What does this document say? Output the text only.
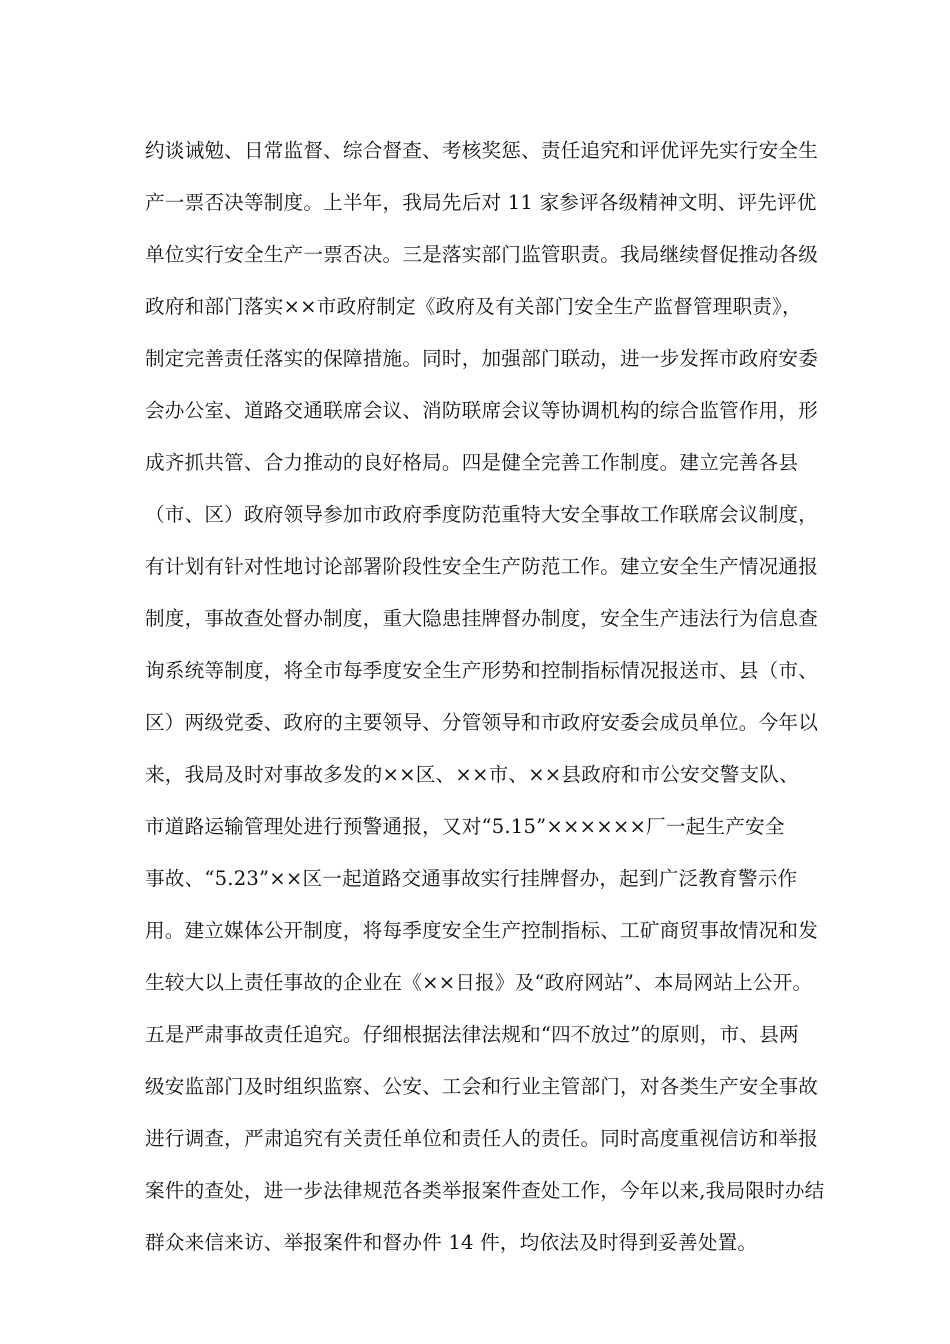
约谈诫勉、日常监督、综合督查、考核奖惩、责任追究和评优评先实行安全生
产一票否决等制度。上半年，我局先后对 11 家参评各级精神文明、评先评优
单位实行安全生产一票否决。三是落实部门监管职责。我局继续督促推动各级
政府和部门落实××市政府制定《政府及有关部门安全生产监督管理职责》，
制定完善责任落实的保障措施。同时，加强部门联动，进一步发挥市政府安委
会办公室、道路交通联席会议、消防联席会议等协调机构的综合监管作用，形
成齐抓共管、合力推动的良好格局。四是健全完善工作制度。建立完善各县
（市、区）政府领导参加市政府季度防范重特大安全事故工作联席会议制度，
有计划有针对性地讨论部署阶段性安全生产防范工作。建立安全生产情况通报
制度，事故查处督办制度，重大隐患挂牌督办制度，安全生产违法行为信息查
询系统等制度，将全市每季度安全生产形势和控制指标情况报送市、县（市、
区）两级党委、政府的主要领导、分管领导和市政府安委会成员单位。今年以
来，我局及时对事故多发的××区、××市、××县政府和市公安交警支队、
市道路运输管理处进行预警通报，又对“5.15”××××××厂一起生产安全
事故、“5.23”××区一起道路交通事故实行挂牌督办，起到广泛教育警示作
用。建立媒体公开制度，将每季度安全生产控制指标、工矿商贸事故情况和发
生较大以上责任事故的企业在《××日报》及“政府网站”、本局网站上公开。
五是严肃事故责任追究。仔细根据法律法规和“四不放过”的原则，市、县两
级安监部门及时组织监察、公安、工会和行业主管部门，对各类生产安全事故
进行调查，严肃追究有关责任单位和责任人的责任。同时高度重视信访和举报
案件的查处，进一步法律规范各类举报案件查处工作，今年以来,我局限时办结
群众来信来访、举报案件和督办件 14 件，均依法及时得到妥善处置。
